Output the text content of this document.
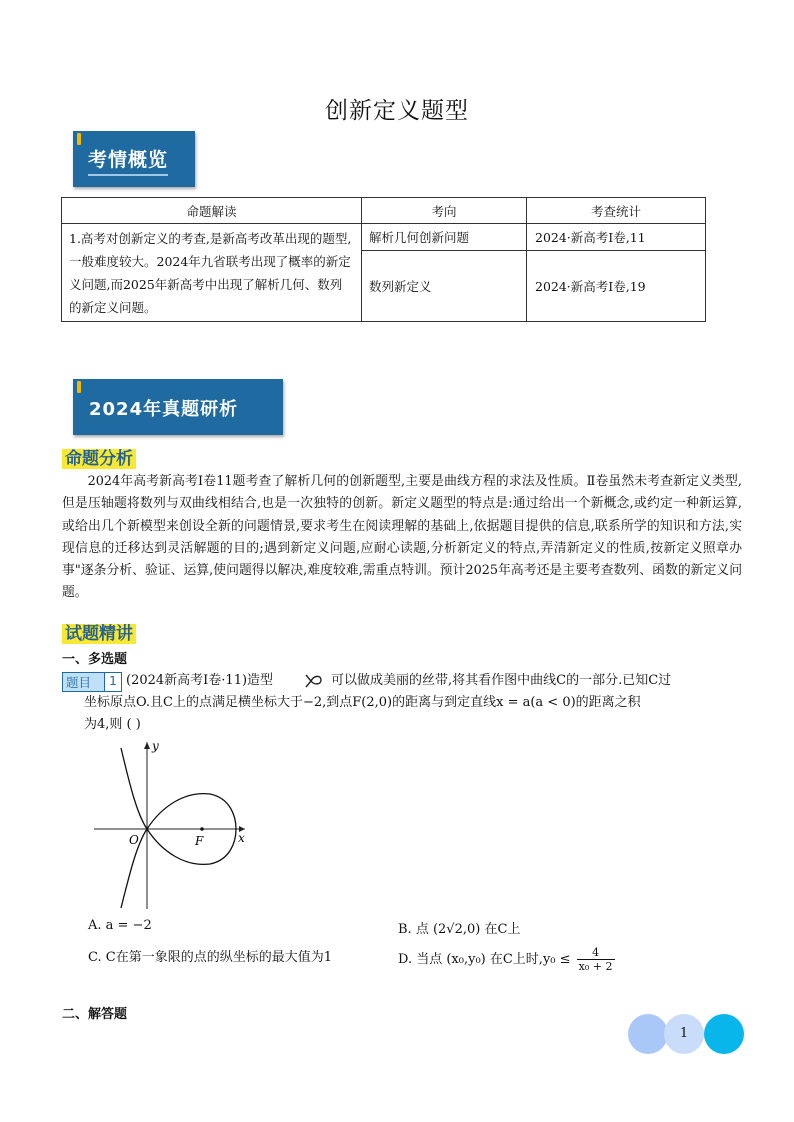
创新定义题型
考情概览
命题解读	考向	考查统计
1.高考对创新定义的考查,是新高考改革出现的题型,一般难度较大。2024年九省联考出现了概率的新定义问题,而2025年新高考中出现了解析几何、数列的新定义问题。	解析几何创新问题	2024·新高考Ⅰ卷,11
	数列新定义	2024·新高考Ⅰ卷,19
2024年真题研析
命题分析
2024年高考新高考Ⅰ卷11题考查了解析几何的创新题型,主要是曲线方程的求法及性质。Ⅱ卷虽然未考查新定义类型,但是压轴题将数列与双曲线相结合,也是一次独特的创新。新定义题型的特点是:通过给出一个新概念,或约定一种新运算,或给出几个新模型来创设全新的问题情景,要求考生在阅读理解的基础上,依据题目提供的信息,联系所学的知识和方法,实现信息的迁移达到灵活解题的目的;遇到新定义问题,应耐心读题,分析新定义的特点,弄清新定义的性质,按新定义照章办事"逐条分析、验证、运算,使问题得以解决,难度较难,需重点特训。预计2025年高考还是主要考查数列、函数的新定义问题。
试题精讲
一、多选题
题目	1 (2024新高考Ⅰ卷·11)造型	可以做成美丽的丝带,将其看作图中曲线C的一部分.已知C过
坐标原点O.且C上的点满足横坐标大于−2,到点F(2,0)的距离与到定直线x = a(a < 0)的距离之积
为4,则 ( )
y
x
O	F
A. a = −2	B. 点 (2√2,0) 在C上
C. C在第一象限的点的纵坐标的最大值为1	D. 当点 (x₀,y₀) 在C上时$,y_0 \le \frac{4}{\text{x₀ + 2}}$
二、解答题
1
